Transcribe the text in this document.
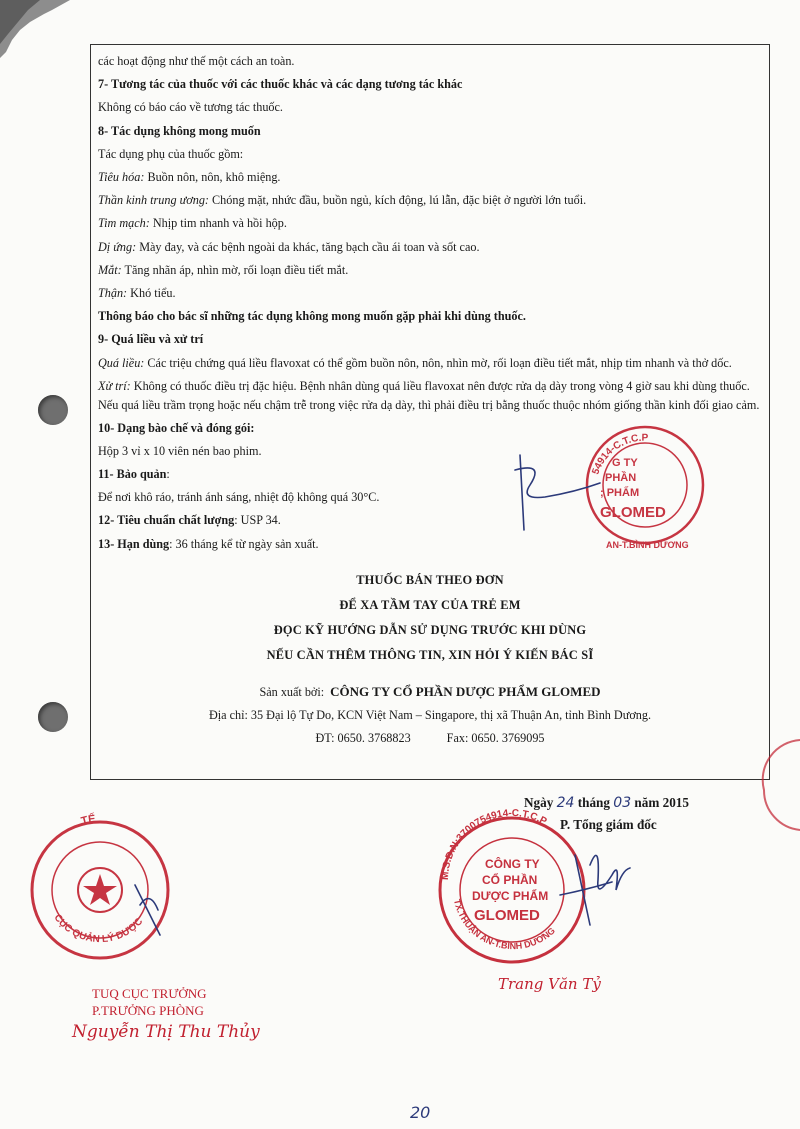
các hoạt động như thế một cách an toàn.
7- Tương tác của thuốc với các thuốc khác và các dạng tương tác khác
Không có báo cáo về tương tác thuốc.
8- Tác dụng không mong muốn
Tác dụng phụ của thuốc gồm:
Tiêu hóa: Buồn nôn, nôn, khô miệng.
Thần kinh trung ương: Chóng mặt, nhức đầu, buồn ngủ, kích động, lú lẫn, đặc biệt ở người lớn tuổi.
Tim mạch: Nhịp tim nhanh và hồi hộp.
Dị ứng: Mày đay, và các bệnh ngoài da khác, tăng bạch cầu ái toan và sốt cao.
Mắt: Tăng nhãn áp, nhìn mờ, rối loạn điều tiết mắt.
Thận: Khó tiểu.
Thông báo cho bác sĩ những tác dụng không mong muốn gặp phải khi dùng thuốc.
9- Quá liều và xử trí
Quá liều: Các triệu chứng quá liều flavoxat có thể gồm buồn nôn, nôn, nhìn mờ, rối loạn điều tiết mắt, nhịp tim nhanh và thở dốc.
Xử trí: Không có thuốc điều trị đặc hiệu. Bệnh nhân dùng quá liều flavoxat nên được rửa dạ dày trong vòng 4 giờ sau khi dùng thuốc. Nếu quá liều trầm trọng hoặc nếu chậm trễ trong việc rửa dạ dày, thì phải điều trị bằng thuốc thuộc nhóm giống thần kinh đối giao cảm.
10- Dạng bào chế và đóng gói:
Hộp 3 vỉ x 10 viên nén bao phim.
11- Bảo quản:
Để nơi khô ráo, tránh ánh sáng, nhiệt độ không quá 30°C.
12- Tiêu chuẩn chất lượng: USP 34.
13- Hạn dùng: 36 tháng kể từ ngày sản xuất.
THUỐC BÁN THEO ĐƠN
ĐỂ XA TẦM TAY CỦA TRẺ EM
ĐỌC KỸ HƯỚNG DẪN SỬ DỤNG TRƯỚC KHI DÙNG
NẾU CẦN THÊM THÔNG TIN, XIN HỎI Ý KIẾN BÁC SĨ
Sản xuất bởi: CÔNG TY CỔ PHẦN DƯỢC PHẨM GLOMED
Địa chỉ: 35 Đại lộ Tự Do, KCN Việt Nam – Singapore, thị xã Thuận An, tỉnh Bình Dương.
ĐT: 0650. 3768823	Fax: 0650. 3769095
54914-C.T.C.P
G TY
PHẦN
; PHẨM
GLOMED
AN-T.BÌNH DƯƠNG
M.S.D.N:3700754914-C.T.C.P
TX.THUẬN AN-T.BÌNH DƯƠNG
CÔNG TY
CỔ PHẦN
DƯỢC PHẨM
GLOMED
TẾ
CỤC QUẢN LÝ DƯỢC
Ngày 24 tháng 03 năm 2015
P. Tổng giám đốc
TUQ CỤC TRƯỞNG
P.TRƯỞNG PHÒNG
Nguyễn Thị Thu Thủy
Trang Văn Tỷ
20
